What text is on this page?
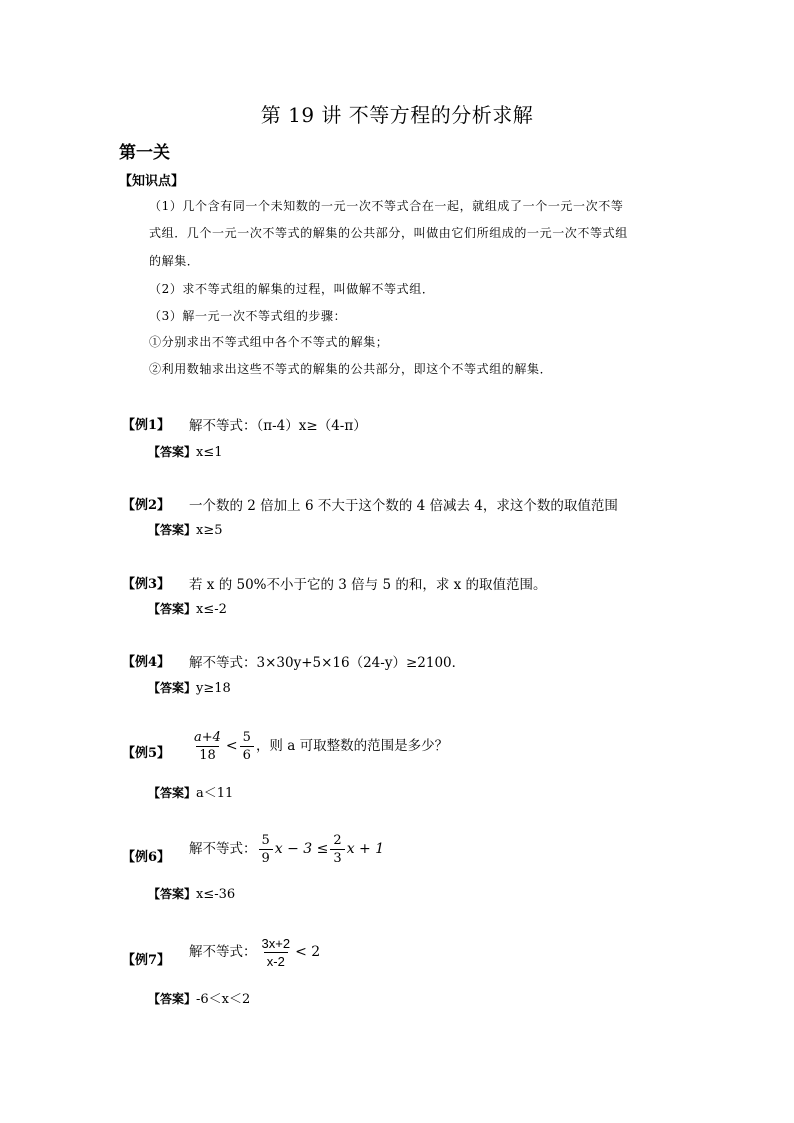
第 19 讲 不等方程的分析求解
第一关
【知识点】
（1）几个含有同一个未知数的一元一次不等式合在一起，就组成了一个一元一次不等
式组．几个一元一次不等式的解集的公共部分，叫做由它们所组成的一元一次不等式组
的解集．
（2）求不等式组的解集的过程，叫做解不等式组．
（3）解一元一次不等式组的步骤：
①分别求出不等式组中各个不等式的解集；
②利用数轴求出这些不等式的解集的公共部分，即这个不等式组的解集．
【例1】 解不等式：（π-4）x≥（4-π）
【答案】x≤1
【例2】 一个数的 2 倍加上 6 不大于这个数的 4 倍减去 4，求这个数的取值范围
【答案】x≥5
【例3】 若 x 的 50%不小于它的 3 倍与 5 的和，求 x 的取值范围。
【答案】x≤-2
【例4】 解不等式：3×30y+5×16（24-y）≥2100．
【答案】y≥18
【例5】 $\frac{a+4}{18} < \frac{5}{6}$ ，则 a 可取整数的范围是多少？
【答案】a＜11
【例6】
解不等式： $\frac{5}{9}$ $x - 3 \le \frac{2}{3}$ x + 1
【答案】x≤-36
【例7】
解不等式： $\frac{3x+2}{x-2} < 2$
【答案】-6＜x＜2
